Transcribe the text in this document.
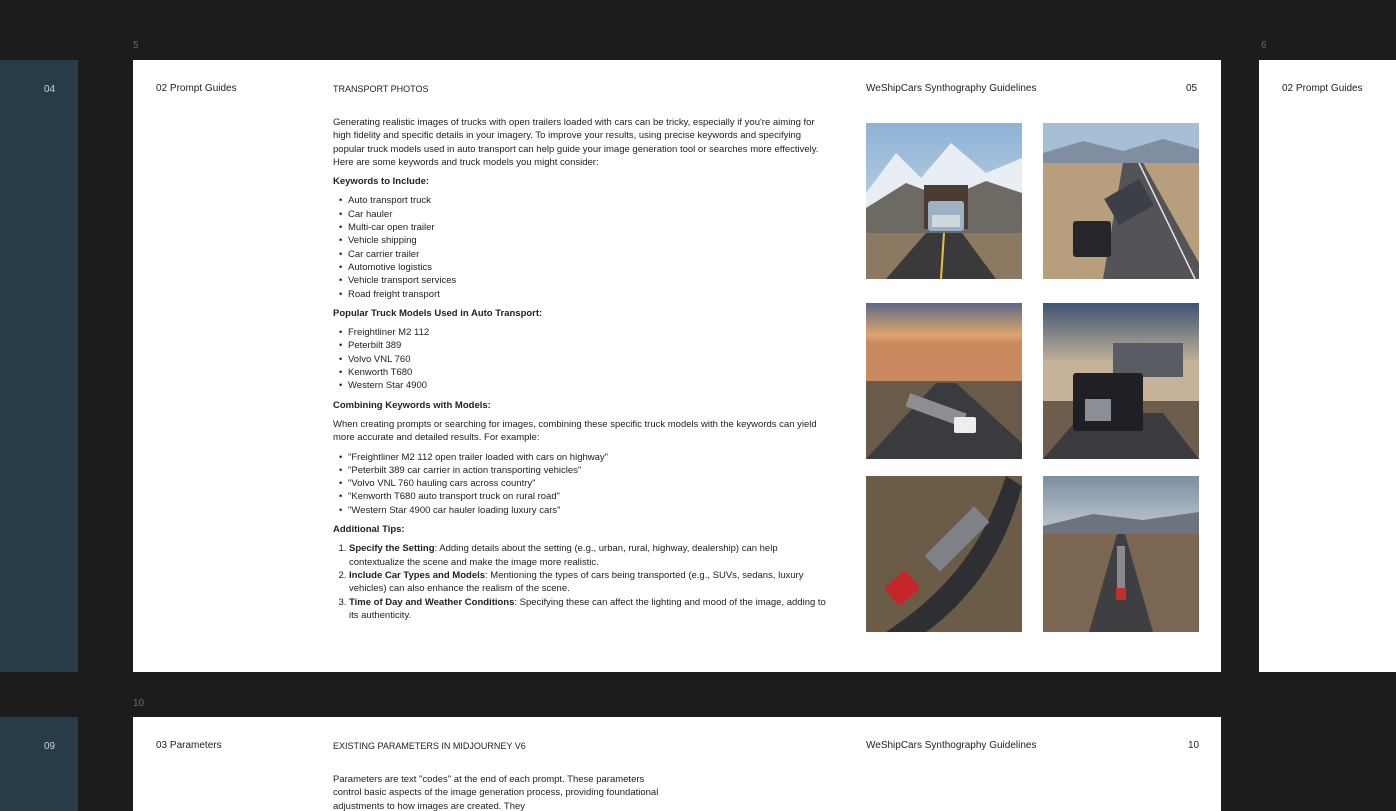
5	6
10
04
09
02 Prompt Guides	TRANSPORT PHOTOS	WeShipCars Synthography Guidelines	05

Generating realistic images of trucks with open trailers loaded with cars can be tricky, especially if you're aiming for high fidelity and specific details in your imagery. To improve your results, using precise keywords and specifying popular truck models used in auto transport can help guide your image generation tool or searches more effectively. Here are some keywords and truck models you might consider:

Keywords to Include:
• Auto transport truck
• Car hauler
• Multi-car open trailer
• Vehicle shipping
• Car carrier trailer
• Automotive logistics
• Vehicle transport services
• Road freight transport
Popular Truck Models Used in Auto Transport:
• Freightliner M2 112
• Peterbilt 389
• Volvo VNL 760
• Kenworth T680
• Western Star 4900
Combining Keywords with Models:

When creating prompts or searching for images, combining these specific truck models with the keywords can yield more accurate and detailed results. For example:

• "Freightliner M2 112 open trailer loaded with cars on highway"
• "Peterbilt 389 car carrier in action transporting vehicles"
• "Volvo VNL 760 hauling cars across country"
• "Kenworth T680 auto transport truck on rural road"
• "Western Star 4900 car hauler loading luxury cars"
Additional Tips:
1. Specify the Setting: Adding details about the setting (e.g., urban, rural, highway, dealership) can help contextualize the scene and make the image more realistic.
2. Include Car Types and Models: Mentioning the types of cars being transported (e.g., SUVs, sedans, luxury vehicles) can also enhance the realism of the scene.
3. Time of Day and Weather Conditions: Specifying these can affect the lighting and mood of the image, adding to its authenticity.
02 Prompt Guides
03 Parameters	EXISTING PARAMETERS IN MIDJOURNEY V6	WeShipCars Synthography Guidelines	10

Parameters are text "codes" at the end of each prompt. These parameters control basic aspects of the image generation process, providing foundational adjustments to how images are created. They
